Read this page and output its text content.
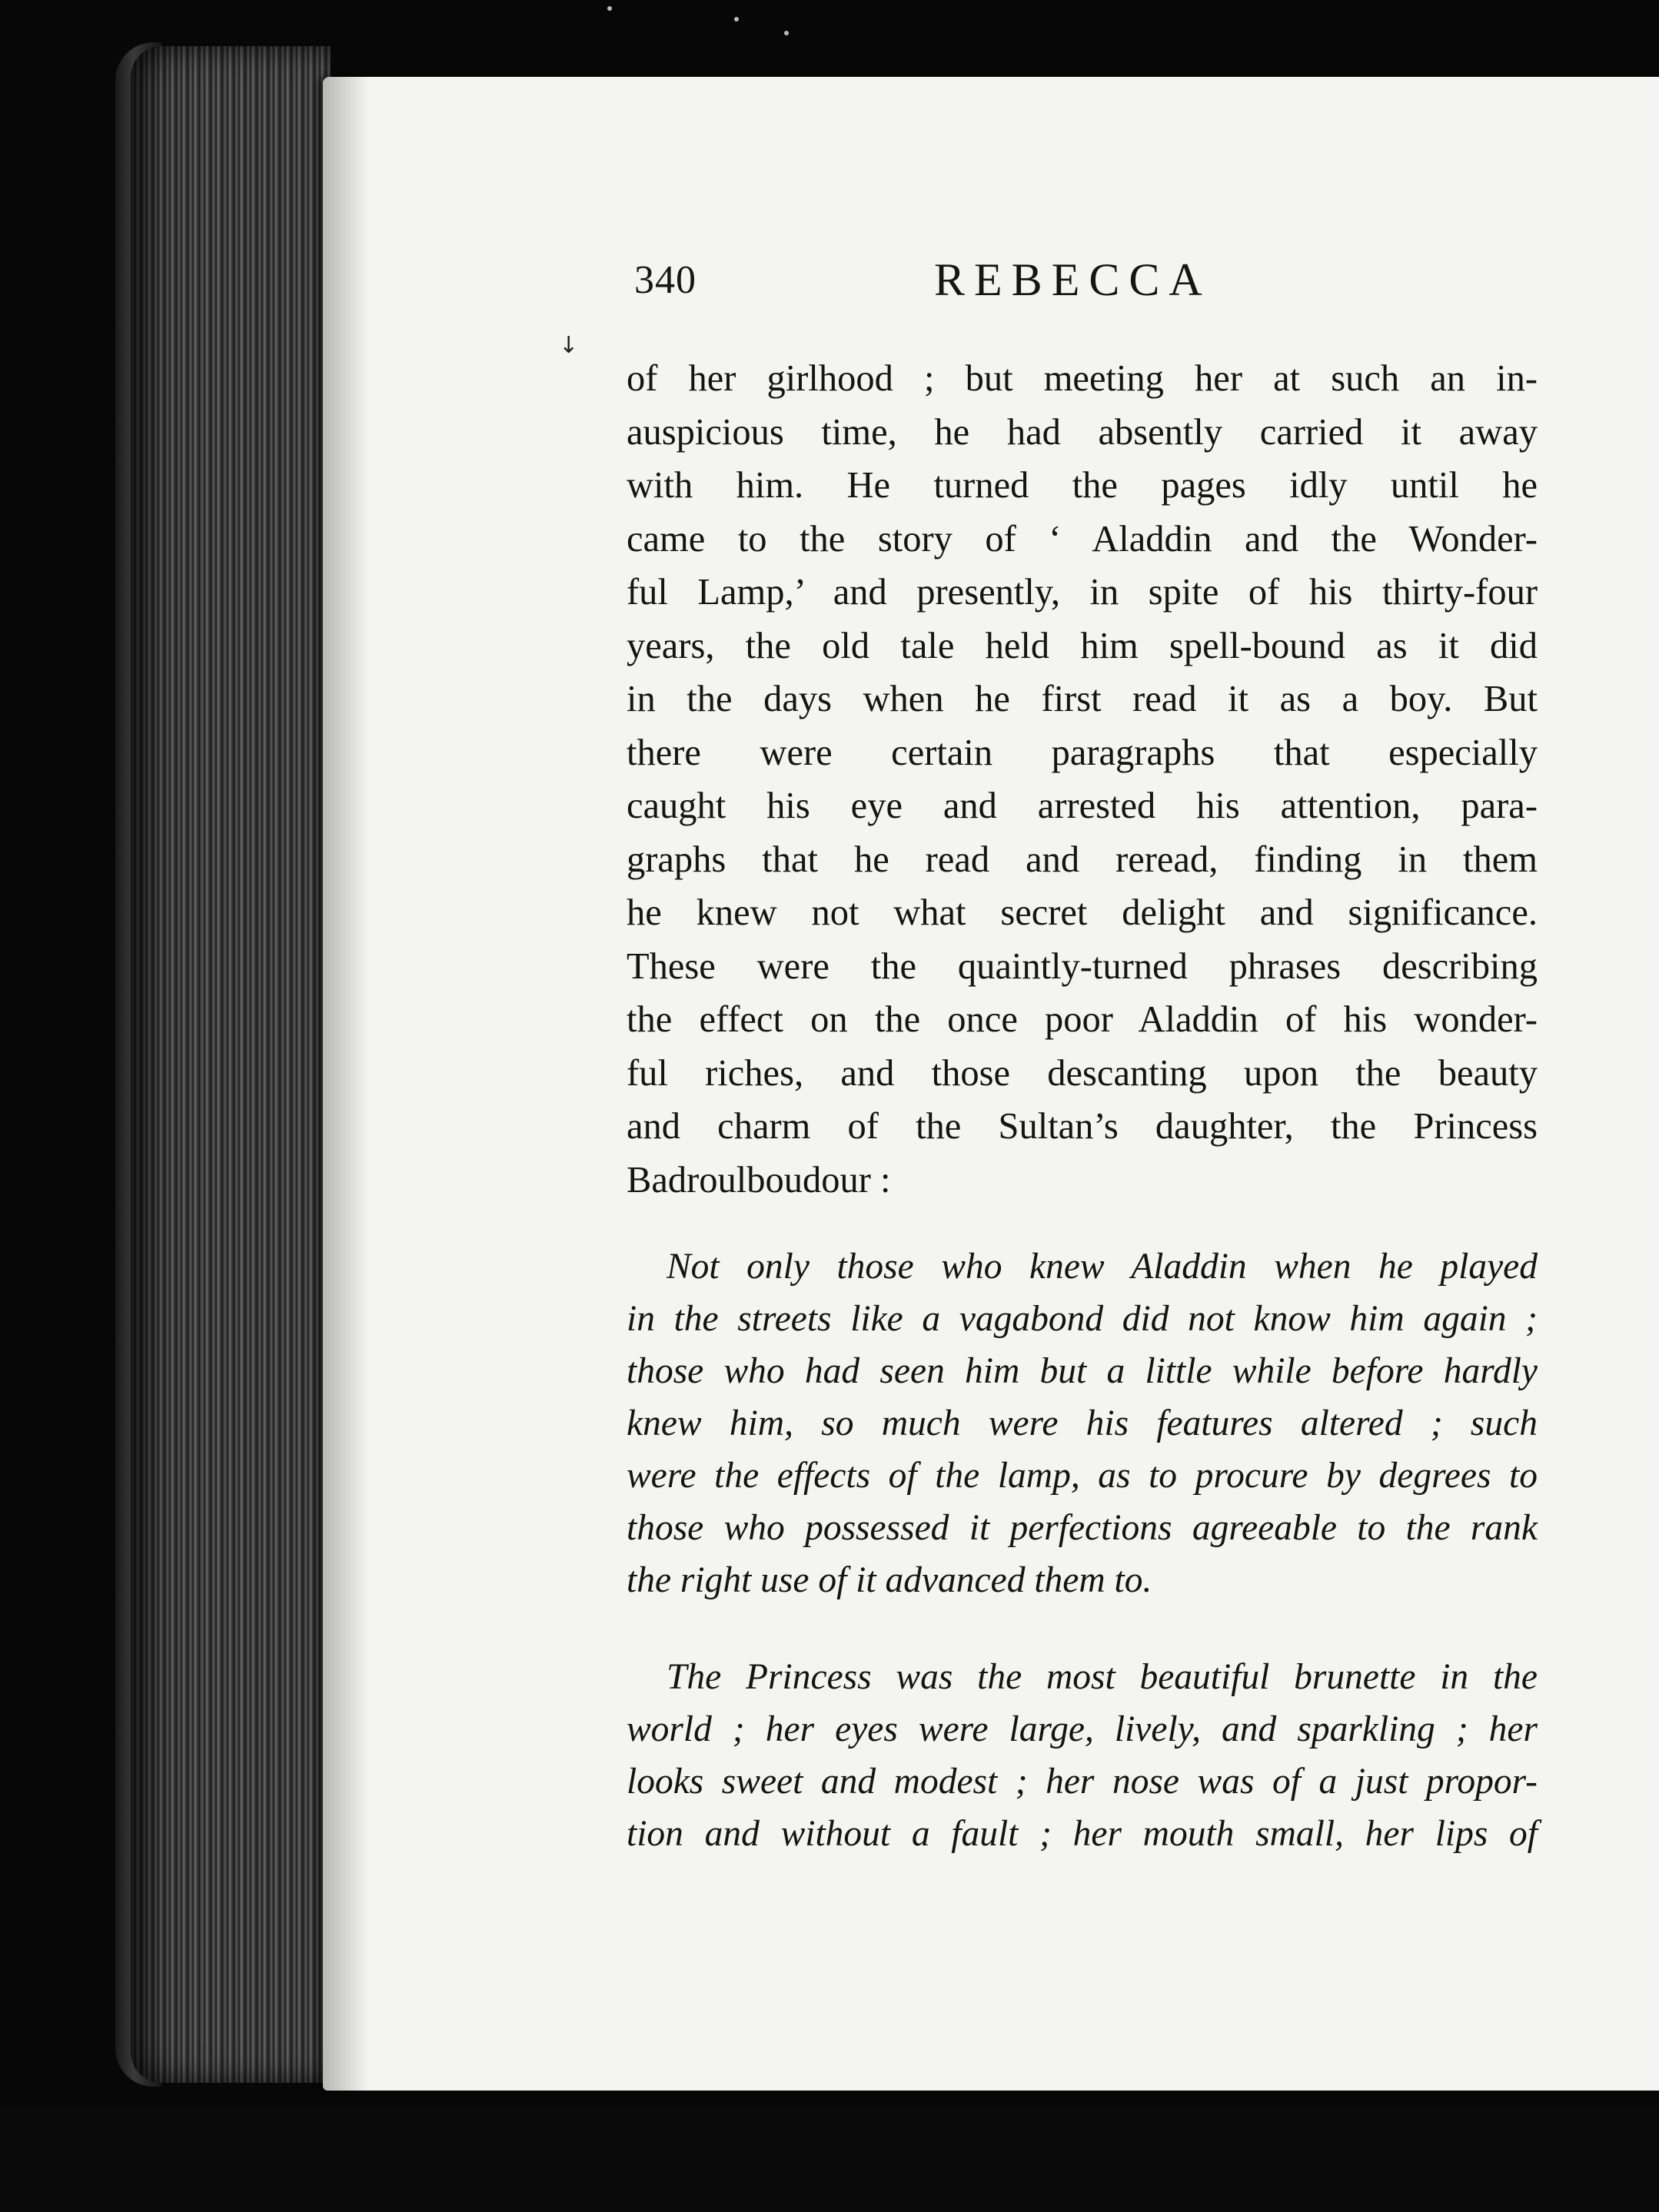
↓
340	REBECCA
of her girlhood ; but meeting her at such an in-
auspicious time, he had absently carried it away
with him. He turned the pages idly until he
came to the story of ‘ Aladdin and the Wonder-
ful Lamp,’ and presently, in spite of his thirty-four
years, the old tale held him spell-bound as it did
in the days when he first read it as a boy. But
there were certain paragraphs that especially
caught his eye and arrested his attention, para-
graphs that he read and reread, finding in them
he knew not what secret delight and significance.
These were the quaintly-turned phrases describing
the effect on the once poor Aladdin of his wonder-
ful riches, and those descanting upon the beauty
and charm of the Sultan’s daughter, the Princess
Badroulboudour :
Not only those who knew Aladdin when he played
in the streets like a vagabond did not know him again ;
those who had seen him but a little while before hardly
knew him, so much were his features altered ; such
were the effects of the lamp, as to procure by degrees to
those who possessed it perfections agreeable to the rank
the right use of it advanced them to.
The Princess was the most beautiful brunette in the
world ; her eyes were large, lively, and sparkling ; her
looks sweet and modest ; her nose was of a just propor-
tion and without a fault ; her mouth small, her lips of
